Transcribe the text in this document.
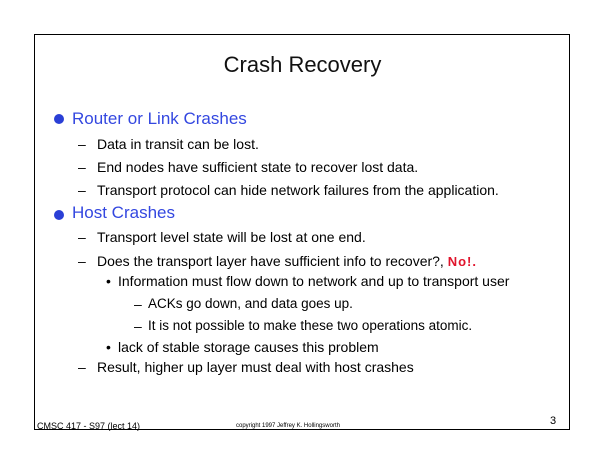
Crash Recovery
Router or Link Crashes
– Data in transit can be lost.
– End nodes have sufficient state to recover lost data.
– Transport protocol can hide network failures from the application.
Host Crashes
– Transport level state will be lost at one end.
– Does the transport layer have sufficient info to recover?, No!.
• Information must flow down to network and up to transport user
– ACKs go down, and data goes up.
– It is not possible to make these two operations atomic.
• lack of stable storage causes this problem
– Result, higher up layer must deal with host crashes
CMSC 417 - S97 (lect 14)	copyright 1997 Jeffrey K. Hollingsworth	3
